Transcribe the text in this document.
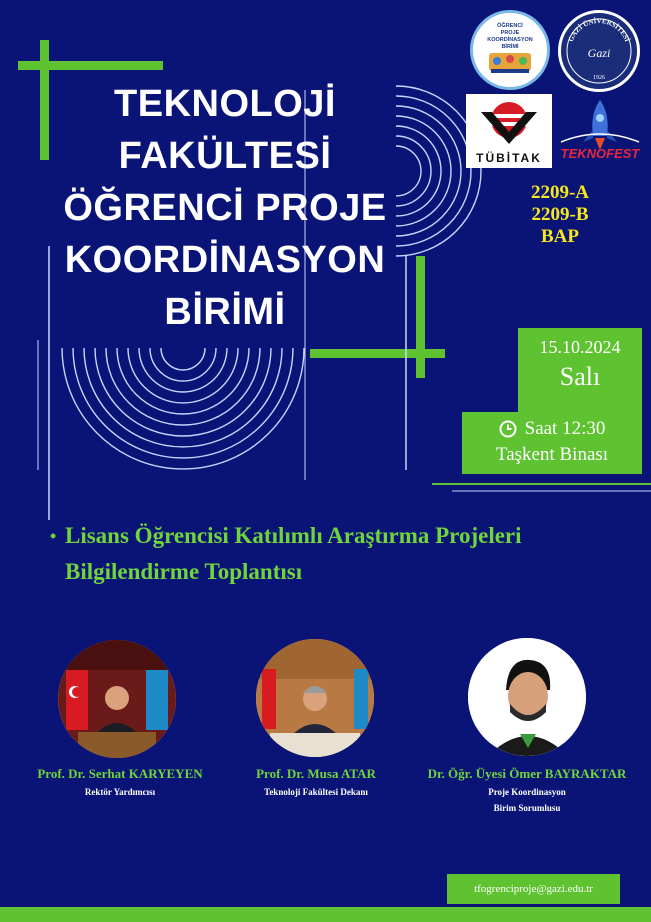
TEKNOLOJİ
FAKÜLTESİ
ÖĞRENCİ PROJE
KOORDİNASYON
BİRİMİ
ÖĞRENCİ
PROJE
KOORDİNASYON
BİRİMİ
GAZİ ÜNİVERSİTESİ
Gazi
1926
TÜBİTAK TEKNOFEST
2209-A
2209-B
BAP
15.10.2024
Salı
Saat 12:30
Taşkent Binası
• Lisans Öğrencisi Katılımlı Araştırma Projeleri
Bilgilendirme Toplantısı
Prof. Dr. Serhat KARYEYEN
Rektör Yardımcısı
Prof. Dr. Musa ATAR
Teknoloji Fakültesi Dekanı
Dr. Öğr. Üyesi Ömer BAYRAKTAR
Proje Koordinasyon
Birim Sorumlusu
tfogrenciproje@gazi.edu.tr
